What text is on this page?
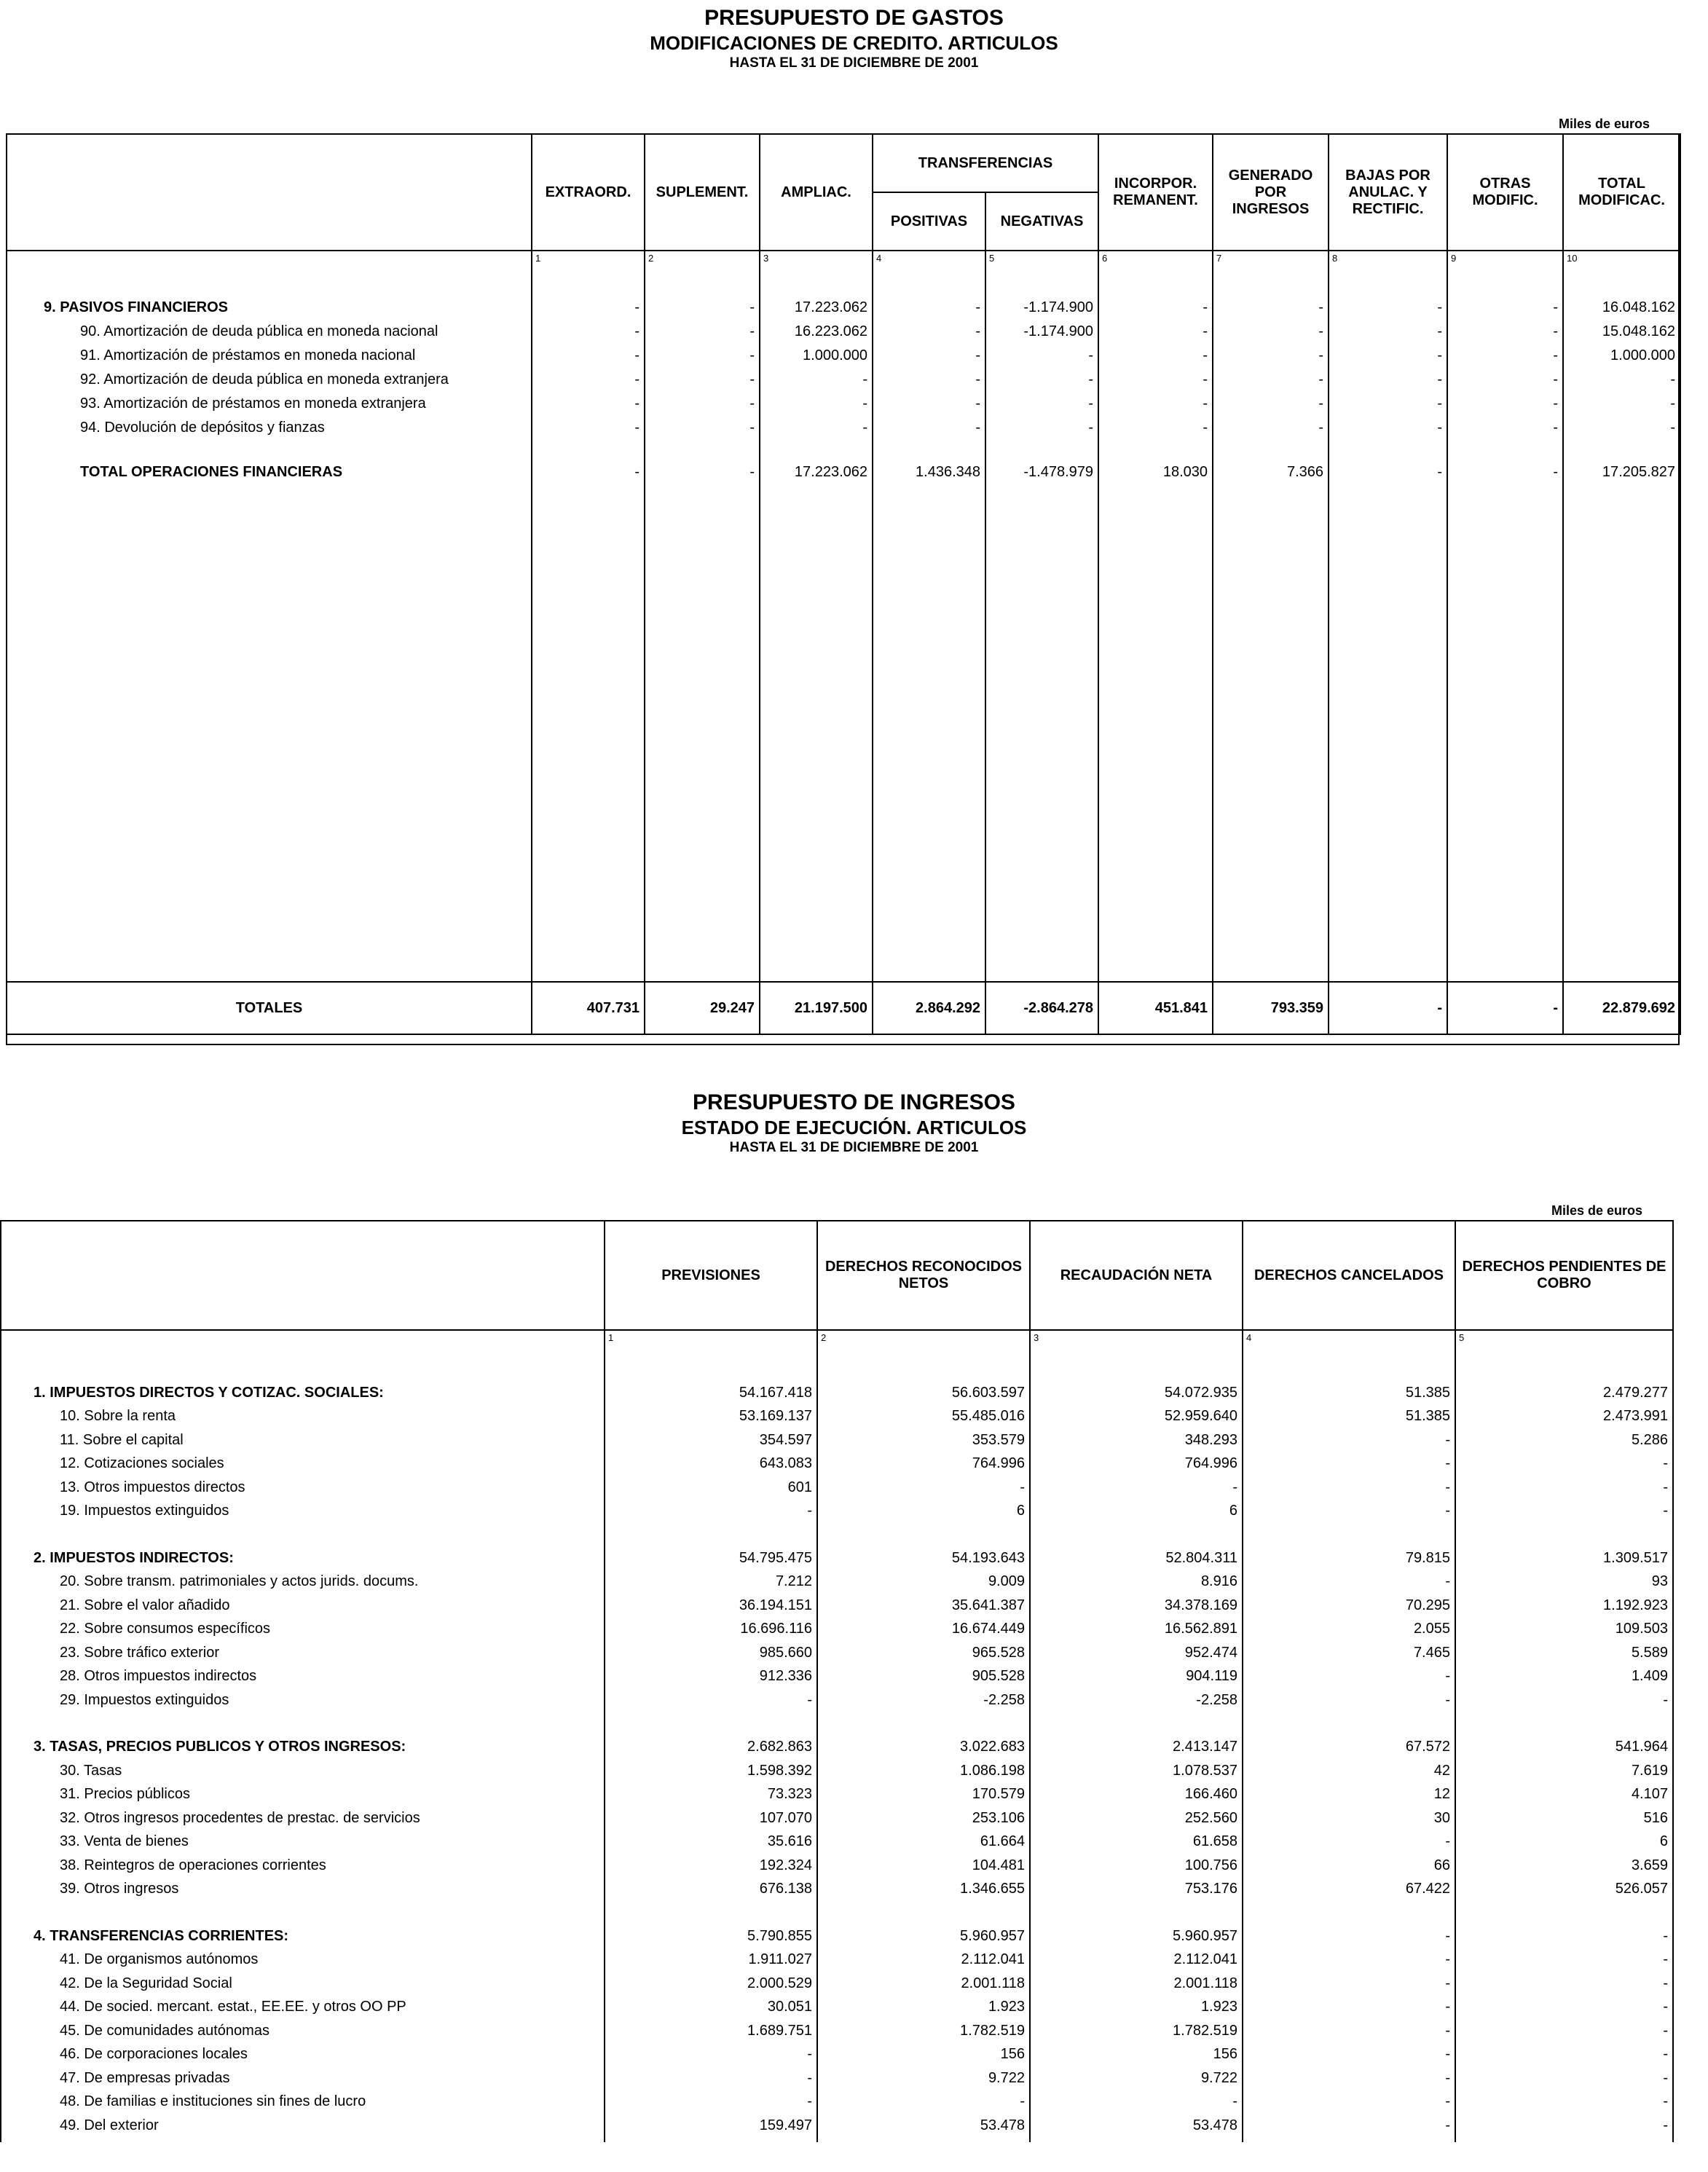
PRESUPUESTO DE GASTOS
MODIFICACIONES DE CREDITO. ARTICULOS
HASTA EL 31 DE DICIEMBRE DE 2001
Miles de euros
	EXTRAORD.	SUPLEMENT.	AMPLIAC.	TRANSFERENCIAS		INCORPOR. REMANENT.	GENERADO POR INGRESOS	BAJAS POR ANULAC. Y RECTIFIC.	OTRAS MODIFIC.	TOTAL MODIFICAC.
				POSITIVAS	NEGATIVAS					
	1	2	3	4	5	6	7	8	9	10

9. PASIVOS FINANCIEROS	-	-	17.223.062	-	-1.174.900	-	-	-	-	16.048.162
90. Amortización de deuda pública en moneda nacional	-	-	16.223.062	-	-1.174.900	-	-	-	-	15.048.162
91. Amortización de préstamos en moneda nacional	-	-	1.000.000	-	-	-	-	-	-	1.000.000
92. Amortización de deuda pública en moneda extranjera	-	-	-	-	-	-	-	-	-	-
93. Amortización de préstamos en moneda extranjera	-	-	-	-	-	-	-	-	-	-
94. Devolución de depósitos y fianzas	-	-	-	-	-	-	-	-	-	-

TOTAL OPERACIONES FINANCIERAS	-	-	17.223.062	1.436.348	-1.478.979	18.030	7.366	-	-	17.205.827

TOTALES	407.731	29.247	21.197.500	2.864.292	-2.864.278	451.841	793.359	-	-	22.879.692
PRESUPUESTO DE INGRESOS
ESTADO DE EJECUCIÓN. ARTICULOS
HASTA EL 31 DE DICIEMBRE DE 2001
Miles de euros
	PREVISIONES	DERECHOS RECONOCIDOS NETOS	RECAUDACIÓN NETA	DERECHOS CANCELADOS	DERECHOS PENDIENTES DE COBRO
	1	2	3	4	5

1. IMPUESTOS DIRECTOS Y COTIZAC. SOCIALES:	54.167.418	56.603.597	54.072.935	51.385	2.479.277
10. Sobre la renta	53.169.137	55.485.016	52.959.640	51.385	2.473.991
11. Sobre el capital	354.597	353.579	348.293	-	5.286
12. Cotizaciones sociales	643.083	764.996	764.996	-	-
13. Otros impuestos directos	601	-	-	-	-
19. Impuestos extinguidos	-	6	6	-	-

2. IMPUESTOS INDIRECTOS:	54.795.475	54.193.643	52.804.311	79.815	1.309.517
20. Sobre transm. patrimoniales y actos jurids. docums.	7.212	9.009	8.916	-	93
21. Sobre el valor añadido	36.194.151	35.641.387	34.378.169	70.295	1.192.923
22. Sobre consumos específicos	16.696.116	16.674.449	16.562.891	2.055	109.503
23. Sobre tráfico exterior	985.660	965.528	952.474	7.465	5.589
28. Otros impuestos indirectos	912.336	905.528	904.119	-	1.409
29. Impuestos extinguidos	-	-2.258	-2.258	-	-

3. TASAS, PRECIOS PUBLICOS Y OTROS INGRESOS:	2.682.863	3.022.683	2.413.147	67.572	541.964
30. Tasas	1.598.392	1.086.198	1.078.537	42	7.619
31. Precios públicos	73.323	170.579	166.460	12	4.107
32. Otros ingresos procedentes de prestac. de servicios	107.070	253.106	252.560	30	516
33. Venta de bienes	35.616	61.664	61.658	-	6
38. Reintegros de operaciones corrientes	192.324	104.481	100.756	66	3.659
39. Otros ingresos	676.138	1.346.655	753.176	67.422	526.057

4. TRANSFERENCIAS CORRIENTES:	5.790.855	5.960.957	5.960.957	-	-
41. De organismos autónomos	1.911.027	2.112.041	2.112.041	-	-
42. De la Seguridad Social	2.000.529	2.001.118	2.001.118	-	-
44. De socied. mercant. estat., EE.EE. y otros OO PP	30.051	1.923	1.923	-	-
45. De comunidades autónomas	1.689.751	1.782.519	1.782.519	-	-
46. De corporaciones locales	-	156	156	-	-
47. De empresas privadas	-	9.722	9.722	-	-
48. De familias e instituciones sin fines de lucro	-	-	-	-	-
49. Del exterior	159.497	53.478	53.478	-	-
